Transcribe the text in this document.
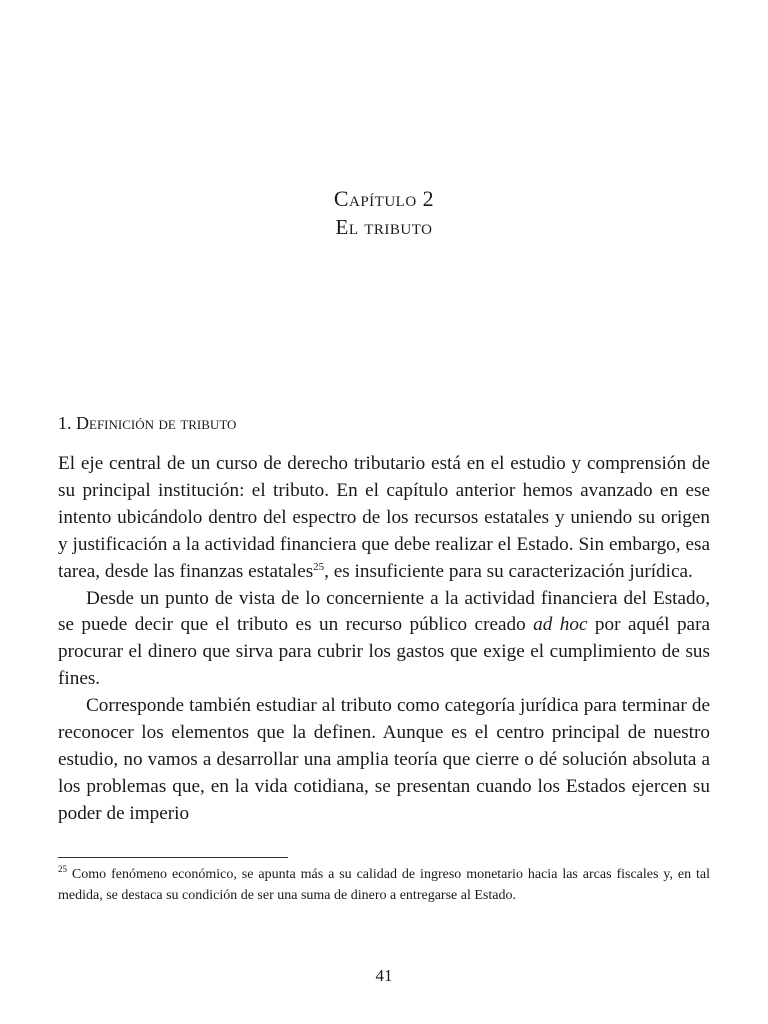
Capítulo 2
El tributo
1. Definición de tributo

El eje central de un curso de derecho tributario está en el estudio y comprensión de su principal institución: el tributo. En el capítulo anterior hemos avanzado en ese intento ubicándolo dentro del espectro de los recursos estatales y uniendo su origen y justificación a la actividad financiera que debe realizar el Estado. Sin embargo, esa tarea, desde las finanzas estatales$^{25}$, es insuficiente para su caracterización jurídica.

Desde un punto de vista de lo concerniente a la actividad financiera del Estado, se puede decir que el tributo es un recurso público creado ad hoc por aquél para procurar el dinero que sirva para cubrir los gastos que exige el cumplimiento de sus fines.

Corresponde también estudiar al tributo como categoría jurídica para terminar de reconocer los elementos que la definen. Aunque es el centro principal de nuestro estudio, no vamos a desarrollar una amplia teoría que cierre o dé solución absoluta a los problemas que, en la vida cotidiana, se presentan cuando los Estados ejercen su poder de imperio

$^{25}$ Como fenómeno económico, se apunta más a su calidad de ingreso monetario hacia las arcas fiscales y, en tal medida, se destaca su condición de ser una suma de dinero a entregarse al Estado.
41
